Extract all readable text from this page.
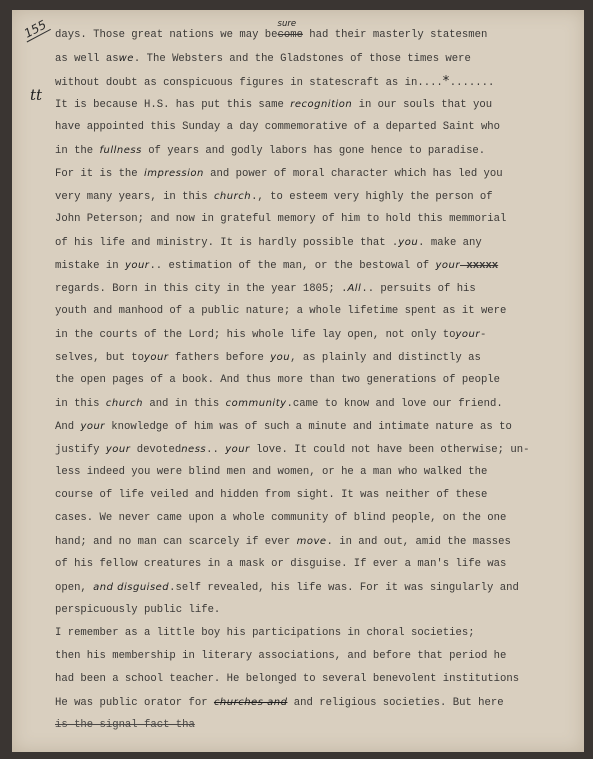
155
tt
days. Those great nations we may be
sure
come had their masterly statesmen
as well aswe. The Websters and the Gladstones of those times were
without doubt as conspicuous figures in statescraft as in....*.......
It is because H.S. has put this same recognition in our souls that you
have appointed this Sunday a day commemorative of a departed Saint who
in the fullness of years and godly labors has gone hence to paradise.
For it is the impression and power of moral character which has led you
very many years, in this church., to esteem very highly the person of
John Peterson; and now in grateful memory of him to hold this memmorial
of his life and ministry. It is hardly possible that .you. make any
mistake in your.. estimation of the man, or the bestowal of your xxxxx
regards. Born in this city in the year 1805; .All.. persuits of his
youth and manhood of a public nature; a whole lifetime spent as it were
in the courts of the Lord; his whole life lay open, not only toyour-
selves, but toyour fathers before you, as plainly and distinctly as
the open pages of a book. And thus more than two generations of people
in this church and in this community.came to know and love our friend.
And your knowledge of him was of such a minute and intimate nature as to
justify your devotedness.. your love. It could not have been otherwise; un-
less indeed you were blind men and women, or he a man who walked the
course of life veiled and hidden from sight. It was neither of these
cases. We never came upon a whole community of blind people, on the one
hand; and no man can scarcely if ever move. in and out, amid the masses
of his fellow creatures in a mask or disguise. If ever a man's life was
open, and disguised.self revealed, his life was. For it was singularly and
perspicuously public life.
I remember as a little boy his participations in choral societies;
then his membership in literary associations, and before that period he
had been a school teacher. He belonged to several benevolent institutions
He was public orator for churches and and religious societies. But here
is the signal fact tha
